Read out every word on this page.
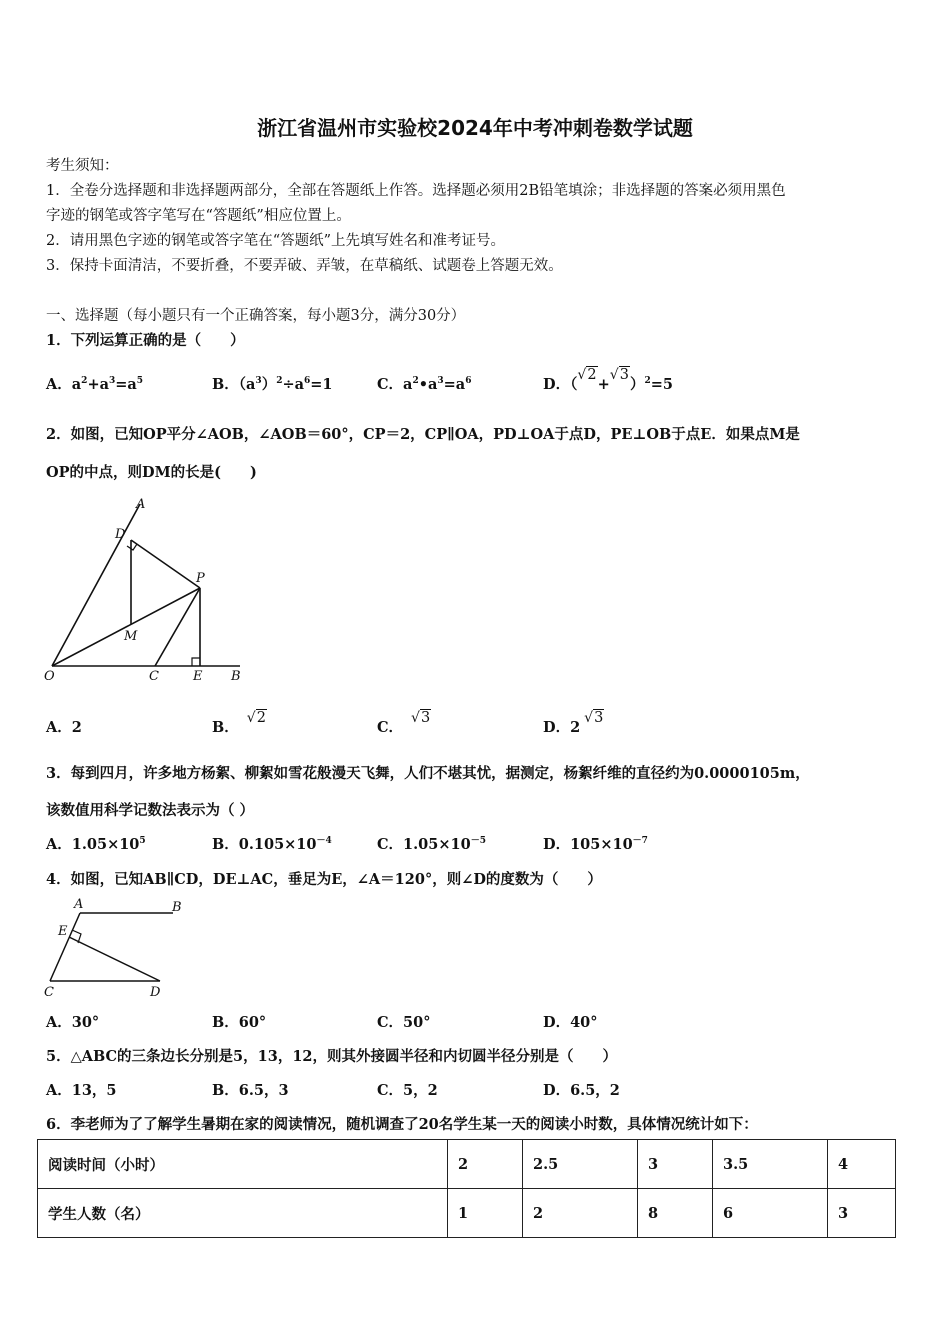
浙江省温州市实验校2024年中考冲刺卷数学试题
考生须知：
1．全卷分选择题和非选择题两部分，全部在答题纸上作答。选择题必须用2B铅笔填涂；非选择题的答案必须用黑色
字迹的钢笔或答字笔写在“答题纸”相应位置上。
2．请用黑色字迹的钢笔或答字笔在“答题纸”上先填写姓名和准考证号。
3．保持卡面清洁，不要折叠，不要弄破、弄皱，在草稿纸、试题卷上答题无效。
一、选择题（每小题只有一个正确答案，每小题3分，满分30分）
1．下列运算正确的是（　　）
A．$a^2+a^3=a^5$	B．$(a^3)^2\div a^6=1$	C．$a^2•a^3=a^6$	D．（
√ 2+
√ 3）$^2$=5
2．如图，已知OP平分∠AOB，∠AOB＝60°，CP＝2，CP∥OA，PD⊥OA于点D，PE⊥OB于点E．如果点M是
OP的中点，则DM的长是(　　)
A
D
P
M
O	C	E B
A．2	B．
√ 2
C．
√ 3
D．2
√ 3
3．每到四月，许多地方杨絮、柳絮如雪花般漫天飞舞，人们不堪其忧，据测定，杨絮纤维的直径约为0.0000105m，
该数值用科学记数法表示为（ ）
A．$1.05\times 10^5$	B．$0.105\times 10^{-4}$	C．$1.05\times 10^{-5}$	D．$105\times 10^{-7}$
4．如图，已知AB∥CD，DE⊥AC，垂足为E，∠A＝120°，则∠D的度数为（　　）
A	B
E
C	D
A．30°	B．60°	C．50°	D．40°
5．△ABC的三条边长分别是5，13，12，则其外接圆半径和内切圆半径分别是（　　）
A．13，5	B．6.5，3	C．5，2	D．6.5，2
6．李老师为了了解学生暑期在家的阅读情况，随机调查了20名学生某一天的阅读小时数，具体情况统计如下：
阅读时间（小时）	2	2.5	3	3.5	4
学生人数（名）	1	2	8	6	3
